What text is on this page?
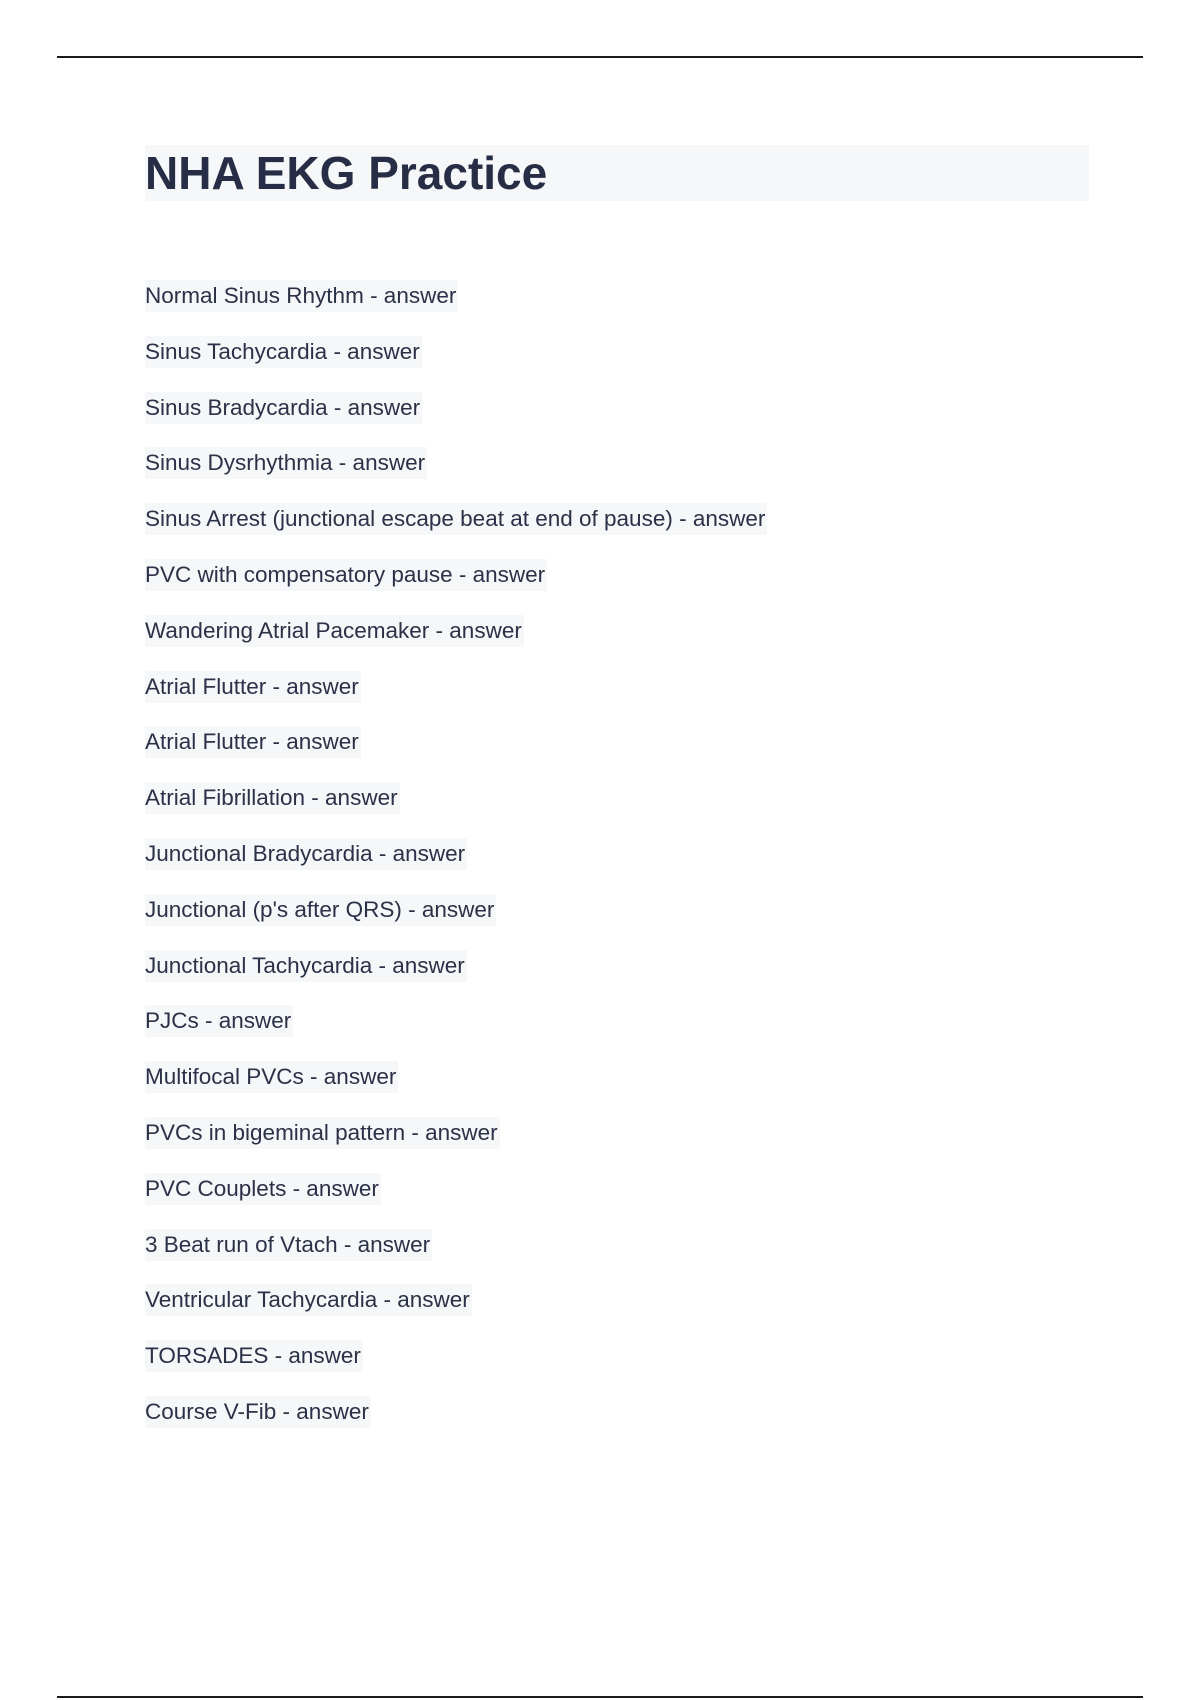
NHA EKG Practice
Normal Sinus Rhythm - answer
Sinus Tachycardia - answer
Sinus Bradycardia - answer
Sinus Dysrhythmia - answer
Sinus Arrest (junctional escape beat at end of pause) - answer
PVC with compensatory pause - answer
Wandering Atrial Pacemaker - answer
Atrial Flutter - answer
Atrial Flutter - answer
Atrial Fibrillation - answer
Junctional Bradycardia - answer
Junctional (p's after QRS) - answer
Junctional Tachycardia - answer
PJCs - answer
Multifocal PVCs - answer
PVCs in bigeminal pattern - answer
PVC Couplets - answer
3 Beat run of Vtach - answer
Ventricular Tachycardia - answer
TORSADES - answer
Course V-Fib - answer
